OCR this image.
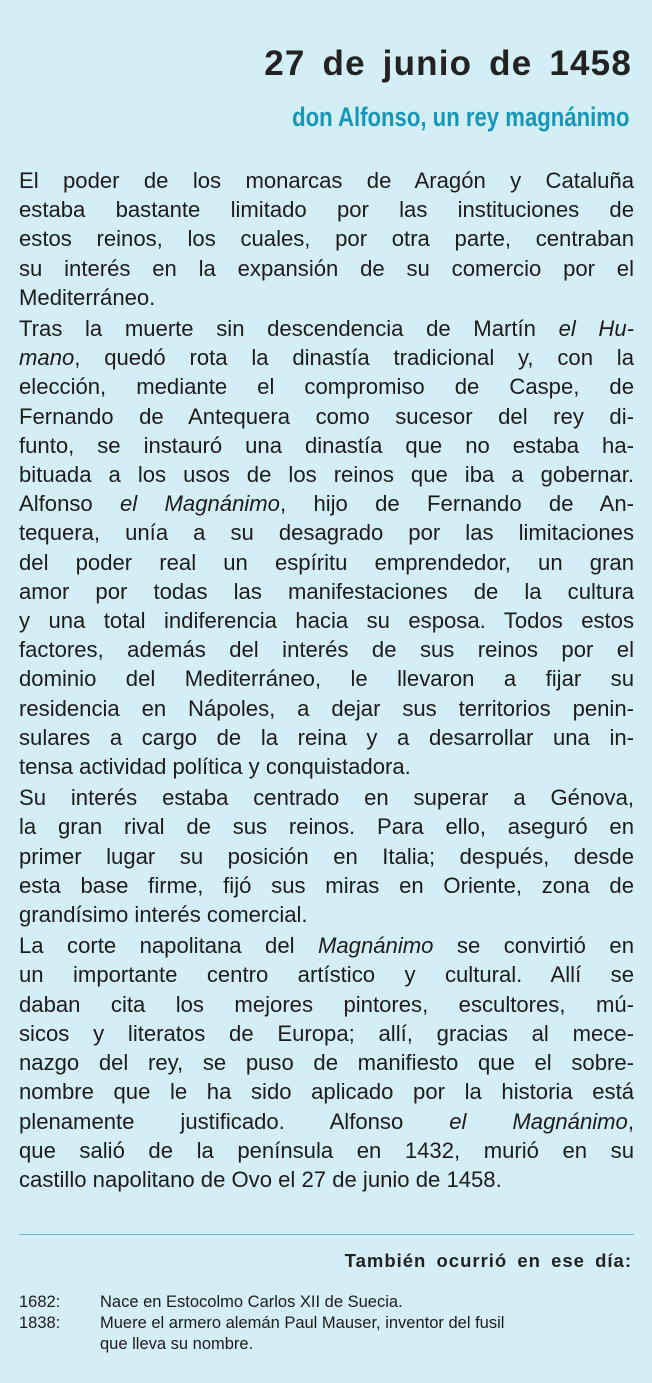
27 de junio de 1458
don Alfonso, un rey magnánimo
El poder de los monarcas de Aragón y Cataluña
estaba bastante limitado por las instituciones de
estos reinos, los cuales, por otra parte, centraban
su interés en la expansión de su comercio por el
Mediterráneo.
Tras la muerte sin descendencia de Martín el Hu-
mano, quedó rota la dinastía tradicional y, con la
elección, mediante el compromiso de Caspe, de
Fernando de Antequera como sucesor del rey di-
funto, se instauró una dinastía que no estaba ha-
bituada a los usos de los reinos que iba a gobernar.
Alfonso el Magnánimo, hijo de Fernando de An-
tequera, unía a su desagrado por las limitaciones
del poder real un espíritu emprendedor, un gran
amor por todas las manifestaciones de la cultura
y una total indiferencia hacia su esposa. Todos estos
factores, además del interés de sus reinos por el
dominio del Mediterráneo, le llevaron a fijar su
residencia en Nápoles, a dejar sus territorios penin-
sulares a cargo de la reina y a desarrollar una in-
tensa actividad política y conquistadora.
Su interés estaba centrado en superar a Génova,
la gran rival de sus reinos. Para ello, aseguró en
primer lugar su posición en Italia; después, desde
esta base firme, fijó sus miras en Oriente, zona de
grandísimo interés comercial.
La corte napolitana del Magnánimo se convirtió en
un importante centro artístico y cultural. Allí se
daban cita los mejores pintores, escultores, mú-
sicos y literatos de Europa; allí, gracias al mece-
nazgo del rey, se puso de manifiesto que el sobre-
nombre que le ha sido aplicado por la historia está
plenamente justificado. Alfonso el Magnánimo,
que salió de la península en 1432, murió en su
castillo napolitano de Ovo el 27 de junio de 1458.
También ocurrió en ese día:
1682:	Nace en Estocolmo Carlos XII de Suecia.
1838:	Muere el armero alemán Paul Mauser, inventor del fusil
que lleva su nombre.
